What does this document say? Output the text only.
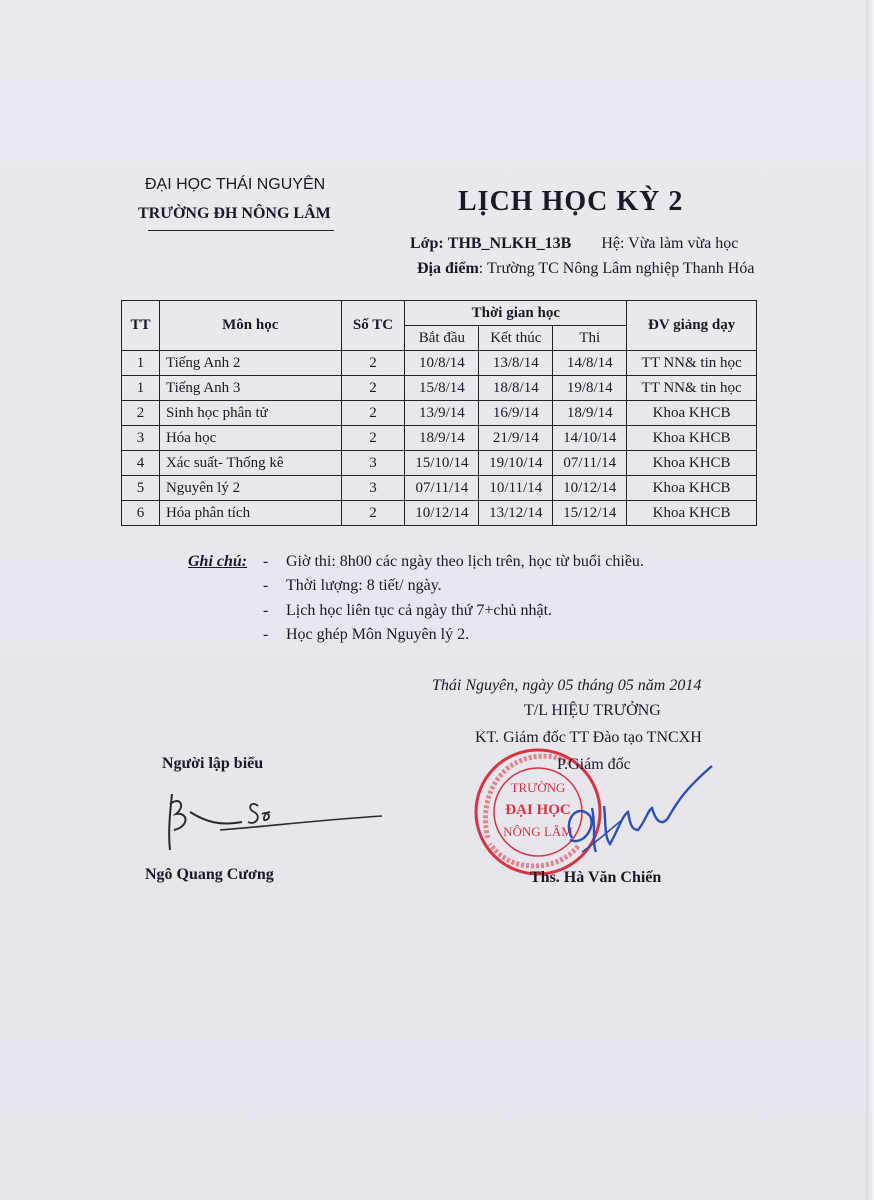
ĐẠI HỌC THÁI NGUYÊN
TRƯỜNG ĐH NÔNG LÂM	LỊCH HỌC KỲ 2
Lớp: THB_NLKH_13B Hệ: Vừa làm vừa học
Địa điểm: Trường TC Nông Lâm nghiệp Thanh Hóa
TT	Môn học	Số TC	Thời gian học			ĐV giảng dạy
			Bắt đầu	Kết thúc	Thi	
1	Tiếng Anh 2	2	10/8/14	13/8/14	14/8/14	TT NN& tin học
1	Tiếng Anh 3	2	15/8/14	18/8/14	19/8/14	TT NN& tin học
2	Sinh học phân tử	2	13/9/14	16/9/14	18/9/14	Khoa KHCB
3	Hóa học	2	18/9/14	21/9/14	14/10/14	Khoa KHCB
4	Xác suất- Thống kê	3	15/10/14	19/10/14	07/11/14	Khoa KHCB
5	Nguyên lý 2	3	07/11/14	10/11/14	10/12/14	Khoa KHCB
6	Hóa phân tích	2	10/12/14	13/12/14	15/12/14	Khoa KHCB
Ghi chú: - Giờ thi: 8h00 các ngày theo lịch trên, học từ buổi chiều.
- Thời lượng: 8 tiết/ ngày.
- Lịch học liên tục cả ngày thứ 7+chủ nhật.
- Học ghép Môn Nguyên lý 2.
Thái Nguyên, ngày 05 tháng 05 năm 2014
T/L HIỆU TRƯỞNG
KT. Giám đốc TT Đào tạo TNCXH
Người lập biểu
TRƯỜNG
ĐẠI HỌC
NÔNG LÂM
P.Giám đốc
Ngô Quang Cương	Ths. Hà Văn Chiến
